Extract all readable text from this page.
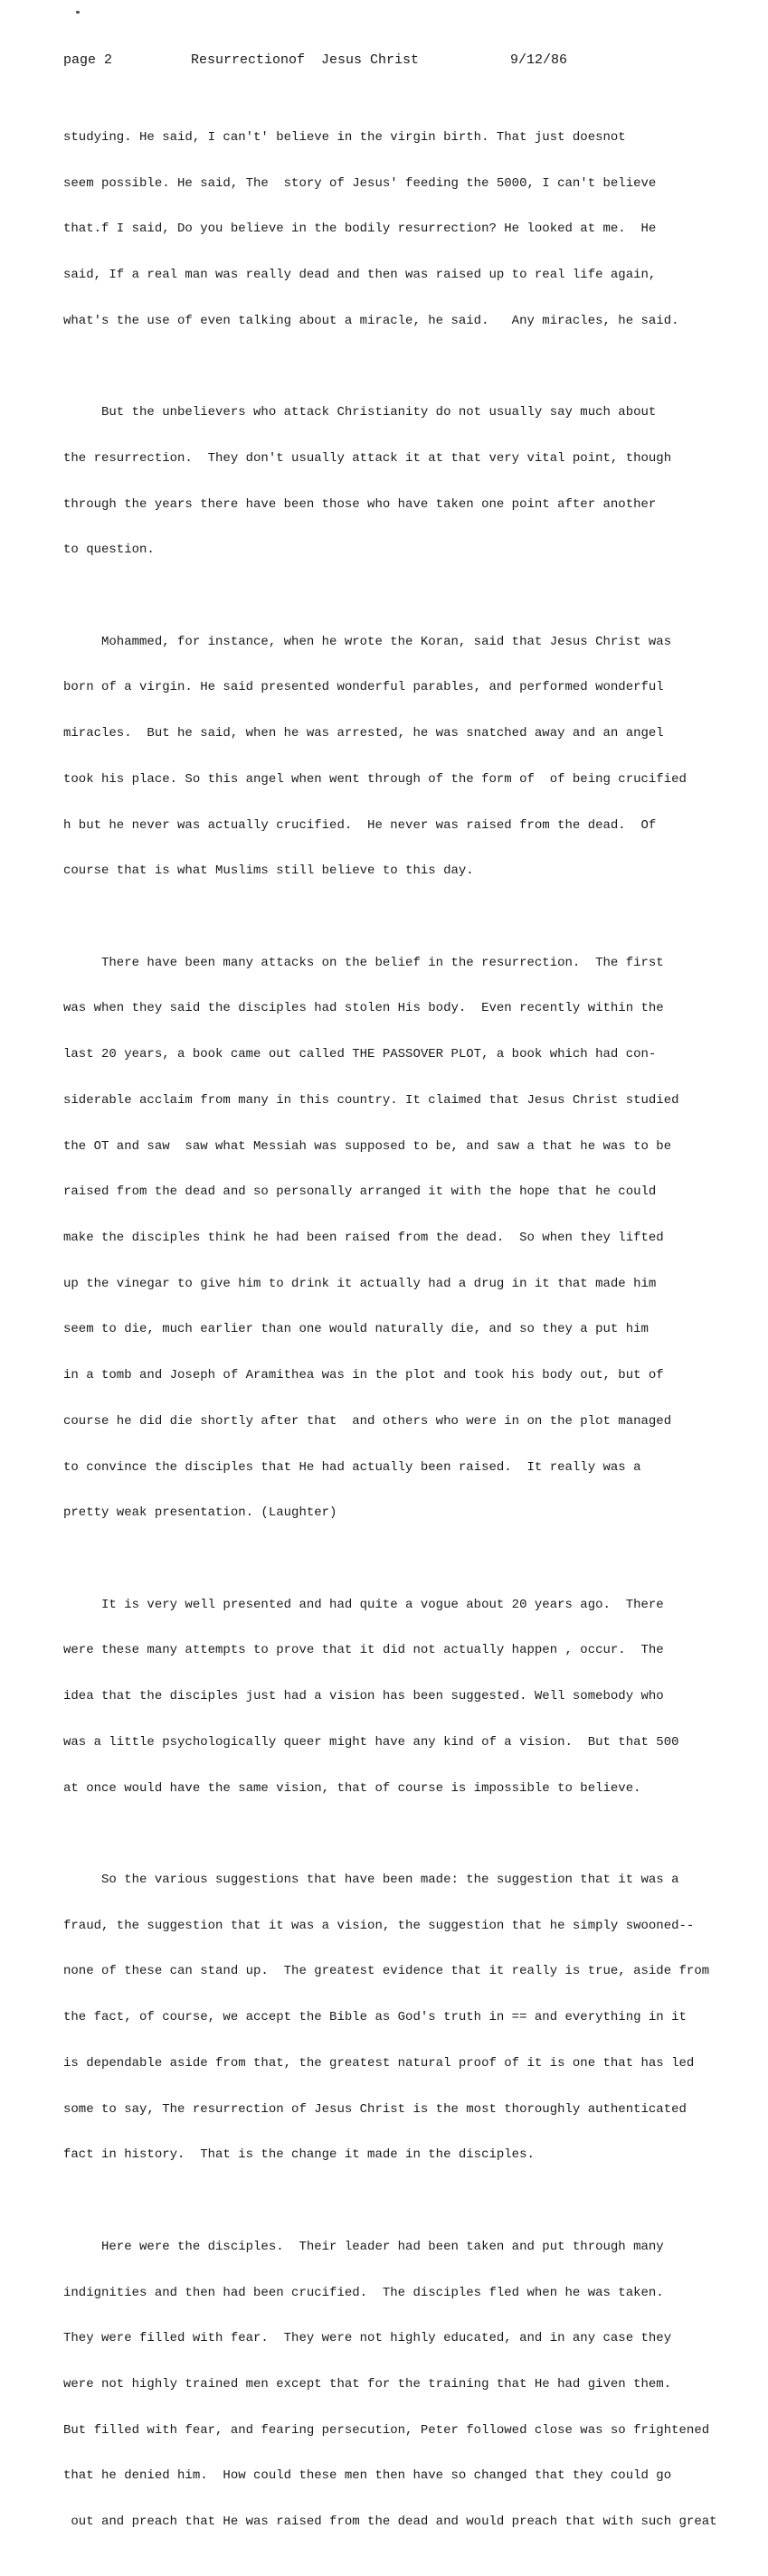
page 2	Resurrectionof  Jesus Christ	9/12/86

studying. He said, I can't' believe in the virgin birth. That just doesnot

seem possible. He said, The  story of Jesus' feeding the 5000, I can't believe

that.f I said, Do you believe in the bodily resurrection? He looked at me.  He

said, If a real man was really dead and then was raised up to real life again,

what's the use of even talking about a miracle, he said.   Any miracles, he said.

But the unbelievers who attack Christianity do not usually say much about

the resurrection.  They don't usually attack it at that very vital point, though

through the years there have been those who have taken one point after another

to question.

Mohammed, for instance, when he wrote the Koran, said that Jesus Christ was

born of a virgin. He said presented wonderful parables, and performed wonderful

miracles.  But he said, when he was arrested, he was snatched away and an angel

took his place. So this angel when went through of the form of  of being crucified

h but he never was actually crucified.  He never was raised from the dead.  Of

course that is what Muslims still believe to this day.

There have been many attacks on the belief in the resurrection.  The first

was when they said the disciples had stolen His body.  Even recently within the

last 20 years, a book came out called THE PASSOVER PLOT, a book which had con-

siderable acclaim from many in this country. It claimed that Jesus Christ studied

the OT and saw  saw what Messiah was supposed to be, and saw a that he was to be

raised from the dead and so personally arranged it with the hope that he could

make the disciples think he had been raised from the dead.  So when they lifted

up the vinegar to give him to drink it actually had a drug in it that made him

seem to die, much earlier than one would naturally die, and so they a put him

in a tomb and Joseph of Aramithea was in the plot and took his body out, but of

course he did die shortly after that  and others who were in on the plot managed

to convince the disciples that He had actually been raised.  It really was a

pretty weak presentation. (Laughter)

It is very well presented and had quite a vogue about 20 years ago.  There

were these many attempts to prove that it did not actually happen , occur.  The

idea that the disciples just had a vision has been suggested. Well somebody who

was a little psychologically queer might have any kind of a vision.  But that 500

at once would have the same vision, that of course is impossible to believe.

So the various suggestions that have been made: the suggestion that it was a

fraud, the suggestion that it was a vision, the suggestion that he simply swooned--

none of these can stand up.  The greatest evidence that it really is true, aside from

the fact, of course, we accept the Bible as God's truth in == and everything in it

is dependable aside from that, the greatest natural proof of it is one that has led

some to say, The resurrection of Jesus Christ is the most thoroughly authenticated

fact in history.  That is the change it made in the disciples.

Here were the disciples.  Their leader had been taken and put through many

indignities and then had been crucified.  The disciples fled when he was taken.

They were filled with fear.  They were not highly educated, and in any case they

were not highly trained men except that for the training that He had given them.

But filled with fear, and fearing persecution, Peter followed close was so frightened

that he denied him.  How could these men then have so changed that they could go

out and preach that He was raised from the dead and would preach that with such great
